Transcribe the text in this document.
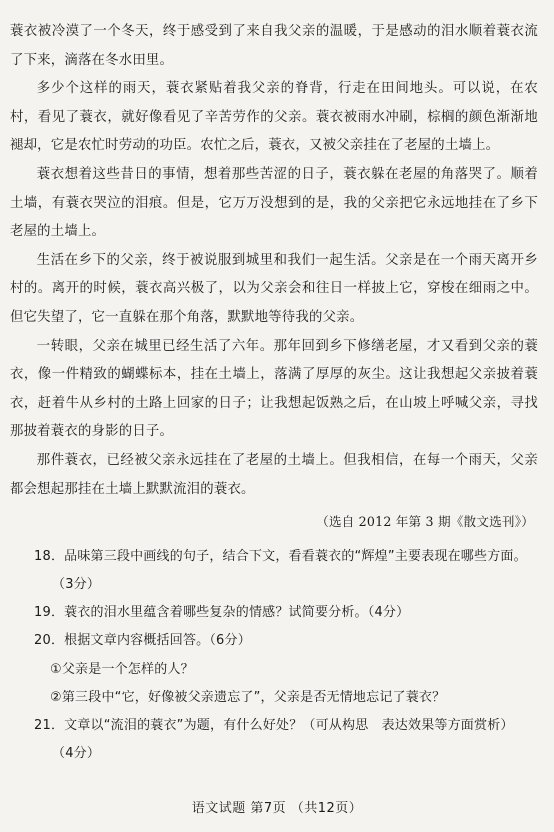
蓑衣被冷漠了一个冬天，终于感受到了来自我父亲的温暖，于是感动的泪水顺着蓑衣流了下来，滴落在冬水田里。

多少个这样的雨天，蓑衣紧贴着我父亲的脊背，行走在田间地头。可以说，在农村，看见了蓑衣，就好像看见了辛苦劳作的父亲。蓑衣被雨水冲刷，棕榈的颜色渐渐地褪却，它是农忙时劳动的功臣。农忙之后，蓑衣，又被父亲挂在了老屋的土墙上。

蓑衣想着这些昔日的事情，想着那些苦涩的日子，蓑衣躲在老屋的角落哭了。顺着土墙，有蓑衣哭泣的泪痕。但是，它万万没想到的是，我的父亲把它永远地挂在了乡下老屋的土墙上。

生活在乡下的父亲，终于被说服到城里和我们一起生活。父亲是在一个雨天离开乡村的。离开的时候，蓑衣高兴极了，以为父亲会和往日一样披上它，穿梭在细雨之中。但它失望了，它一直躲在那个角落，默默地等待我的父亲。

一转眼，父亲在城里已经生活了六年。那年回到乡下修缮老屋，才又看到父亲的蓑衣，像一件精致的蝴蝶标本，挂在土墙上，落满了厚厚的灰尘。这让我想起父亲披着蓑衣，赶着牛从乡村的土路上回家的日子；让我想起饭熟之后，在山坡上呼喊父亲，寻找那披着蓑衣的身影的日子。

那件蓑衣，已经被父亲永远挂在了老屋的土墙上。但我相信，在每一个雨天，父亲都会想起那挂在土墙上默默流泪的蓑衣。

（选自 2012 年第 3 期《散文选刊》）

18．品味第三段中画线的句子，结合下文，看看蓑衣的“辉煌”主要表现在哪些方面。

（3分）

19．蓑衣的泪水里蕴含着哪些复杂的情感？试简要分析。（4分）

20．根据文章内容概括回答。（6分）

①父亲是一个怎样的人？

②第三段中“它，好像被父亲遗忘了”，父亲是否无情地忘记了蓑衣？

21．文章以“流泪的蓑衣”为题，有什么好处？（可从构思　表达效果等方面赏析）

（4分）

语文试题 第7页 （共12页）
